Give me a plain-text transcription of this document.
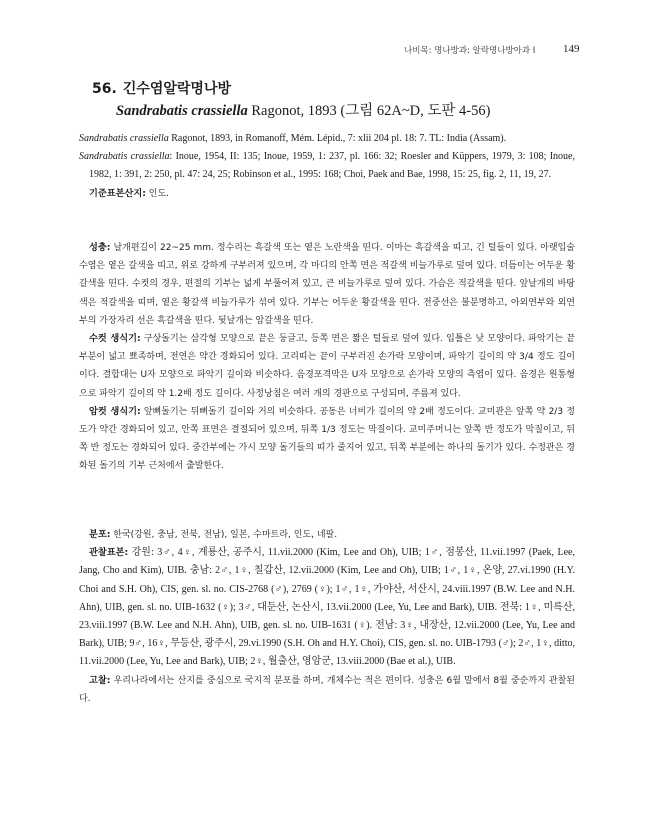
나비목: 명나방과: 알락명나방아과 I	149
56. 긴수염알락명나방
Sandrabatis crassiella Ragonot, 1893 (그림 62A~D, 도판 4-56)

Sandrabatis crassiella Ragonot, 1893, in Romanoff, Mém. Lépid., 7: xlii 204 pl. 18: 7. TL: India (Assam).

Sandrabatis crassiella: Inoue, 1954, II: 135; Inoue, 1959, 1: 237, pl. 166: 32; Roesler and Küppers, 1979, 3: 108; Inoue, 1982, 1: 391, 2: 250, pl. 47: 24, 25; Robinson et al., 1995: 168; Choi, Paek and Bae, 1998, 15: 25, fig. 2, 11, 19, 27.

기준표본산지: 인도.

성충: 날개편길이 22~25 mm. 정수리는 흑갈색 또는 옅은 노란색을 띤다. 이마는 흑갈색을 띠고, 긴 털들이 있다. 아랫입술수염은 옅은 갈색을 띠고, 위로 강하게 구부러져 있으며, 각 마디의 안쪽 면은 적갈색 비늘가루로 덮여 있다. 더듬이는 어두운 황갈색을 띤다. 수컷의 경우, 편절의 기부는 넓게 부풀어져 있고, 큰 비늘가루로 덮여 있다. 가슴은 적갈색을 띤다. 앞날개의 바탕색은 적갈색을 띠며, 옅은 황갈색 비늘가루가 섞여 있다. 기부는 어두운 황갈색을 띤다. 전중선은 불분명하고, 아외연부와 외연부의 가장자리 선은 흑갈색을 띤다. 뒷날개는 암갈색을 띤다.

수컷 생식기: 구상돌기는 삼각형 모양으로 끝은 둥글고, 등쪽 면은 짧은 털들로 덮여 있다. 입틀은 낮 모양이다. 파악기는 끝부분이 넓고 뾰족하며, 전연은 약간 경화되어 있다. 고리띠는 끝이 구부러진 손가락 모양이며, 파악기 길이의 약 3/4 정도 길이이다. 결합대는 U자 모양으로 파악기 길이와 비슷하다. 음경포격막은 U자 모양으로 손가락 모양의 측엽이 있다. 음경은 원통형으로 파악기 길이의 약 1.2배 정도 길이다. 사정낭침은 여러 개의 경판으로 구성되며, 주름져 있다.

암컷 생식기: 앞뼈돌기는 뒤뼈돌기 길이와 거의 비슷하다. 공동은 너비가 길이의 약 2배 정도이다. 교미관은 앞쪽 약 2/3 정도가 약간 경화되어 있고, 안쪽 표면은 결절되어 있으며, 뒤쪽 1/3 정도는 막질이다. 교미주머니는 앞쪽 반 정도가 막질이고, 뒤쪽 반 정도는 경화되어 있다. 중간부에는 가시 모양 돌기들의 띠가 줄지어 있고, 뒤쪽 부분에는 하나의 돌기가 있다. 수정관은 경화된 돌기의 기부 근처에서 출발한다.

분포: 한국(강원, 충남, 전북, 전남), 일본, 수마트라, 인도, 네팔.

관찰표본: 강원: 3♂, 4♀, 계룡산, 공주시, 11.vii.2000 (Kim, Lee and Oh), UIB; 1♂, 점봉산, 11.vii.1997 (Paek, Lee, Jang, Cho and Kim), UIB. 충남: 2♂, 1♀, 칠갑산, 12.vii.2000 (Kim, Lee and Oh), UIB; 1♂, 1♀, 온양, 27.vi.1990 (H.Y. Choi and S.H. Oh), CIS, gen. sl. no. CIS-2768 (♂), 2769 (♀); 1♂, 1♀, 가야산, 서산시, 24.viii.1997 (B.W. Lee and N.H. Ahn), UIB, gen. sl. no. UIB-1632 (♀); 3♂, 대둔산, 논산시, 13.vii.2000 (Lee, Yu, Lee and Bark), UIB. 전북: 1♀, 미륵산, 23.viii.1997 (B.W. Lee and N.H. Ahn), UIB, gen. sl. no. UIB-1631 (♀). 전남: 3♀, 내장산, 12.vii.2000 (Lee, Yu, Lee and Bark), UIB; 9♂, 16♀, 무등산, 광주시, 29.vi.1990 (S.H. Oh and H.Y. Choi), CIS, gen. sl. no. UIB-1793 (♂); 2♂, 1♀, ditto, 11.vii.2000 (Lee, Yu, Lee and Bark), UIB; 2♀, 월출산, 영암군, 13.viii.2000 (Bae et al.), UIB.

고찰: 우리나라에서는 산지를 중심으로 국지적 분포를 하며, 개체수는 적은 편이다. 성충은 6월 말에서 8월 중순까지 관찰된다.
